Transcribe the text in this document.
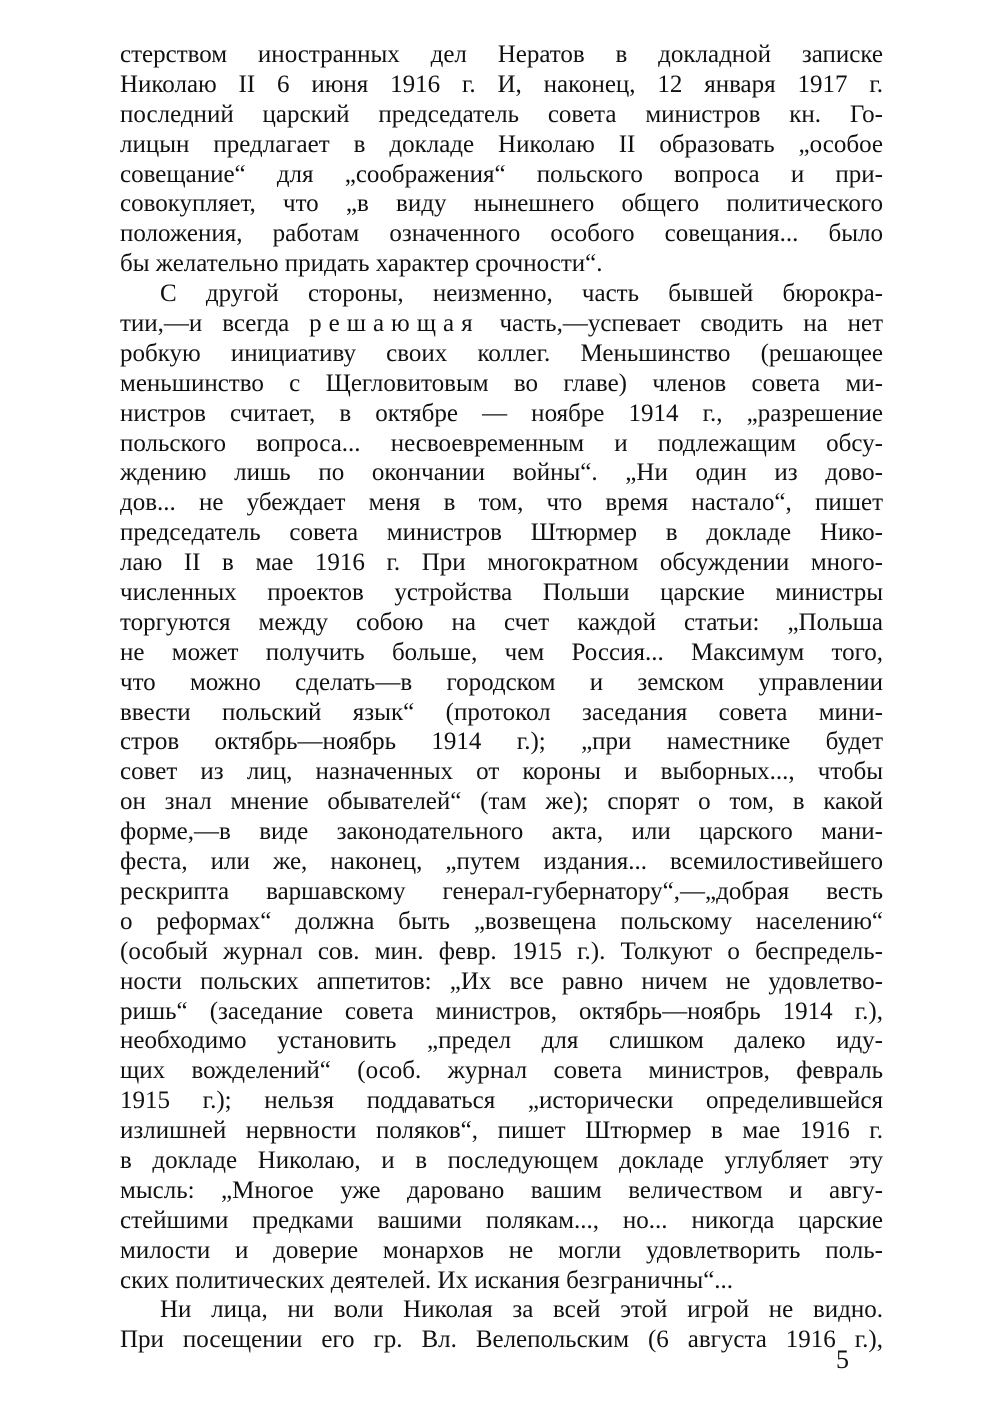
стерством иностранных дел Нератов в докладной записке
Николаю II 6 июня 1916 г. И, наконец, 12 января 1917 г.
последний царский председатель совета министров кн. Го-
лицын предлагает в докладе Николаю II образовать „особое
совещание“ для „соображения“ польского вопроса и при-
совокупляет, что „в виду нынешнего общего политического
положения, работам означенного особого совещания... было
бы желательно придать характер срочности“.
С другой стороны, неизменно, часть бывшей бюрокра-
тии,—и всегда решающая часть,—успевает сводить на нет
робкую инициативу своих коллег. Меньшинство (решающее
меньшинство с Щегловитовым во главе) членов совета ми-
нистров считает, в октябре — ноябре 1914 г., „разрешение
польского вопроса... несвоевременным и подлежащим обсу-
ждению лишь по окончании войны“. „Ни один из дово-
дов... не убеждает меня в том, что время настало“, пишет
председатель совета министров Штюрмер в докладе Нико-
лаю II в мае 1916 г. При многократном обсуждении много-
численных проектов устройства Польши царские министры
торгуются между собою на счет каждой статьи: „Польша
не может получить больше, чем Россия... Максимум того,
что можно сделать—в городском и земском управлении
ввести польский язык“ (протокол заседания совета мини-
стров октябрь—ноябрь 1914 г.); „при наместнике будет
совет из лиц, назначенных от короны и выборных..., чтобы
он знал мнение обывателей“ (там же); спорят о том, в какой
форме,—в виде законодательного акта, или царского мани-
феста, или же, наконец, „путем издания... всемилостивейшего
рескрипта варшавскому генерал-губернатору“,—„добрая весть
о реформах“ должна быть „возвещена польскому населению“
(особый журнал сов. мин. февр. 1915 г.). Толкуют о беспредель-
ности польских аппетитов: „Их все равно ничем не удовлетво-
ришь“ (заседание совета министров, октябрь—ноябрь 1914 г.),
необходимо установить „предел для слишком далеко иду-
щих вожделений“ (особ. журнал совета министров, февраль
1915 г.); нельзя поддаваться „исторически определившейся
излишней нервности поляков“, пишет Штюрмер в мае 1916 г.
в докладе Николаю, и в последующем докладе углубляет эту
мысль: „Многое уже даровано вашим величеством и авгу-
стейшими предками вашими полякам..., но... никогда царские
милости и доверие монархов не могли удовлетворить поль-
ских политических деятелей. Их искания безграничны“...
Ни лица, ни воли Николая за всей этой игрой не видно.
При посещении его гр. Вл. Велепольским (6 августа 1916 г.),
5
